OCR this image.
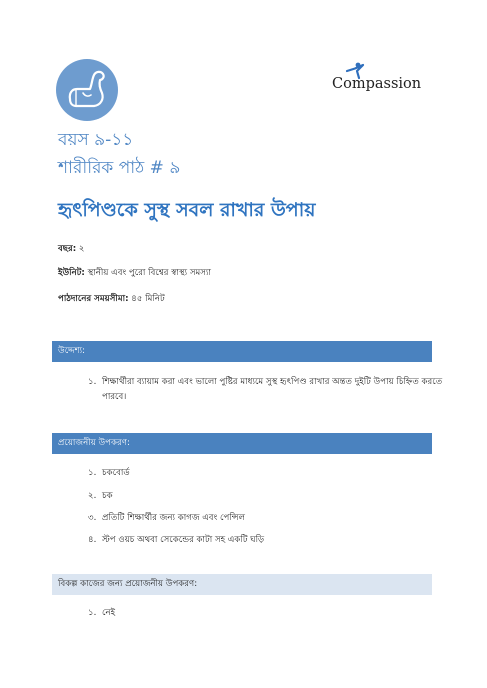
Compassion
বয়স ৯-১১
শারীরিক পাঠ # ৯
হৃৎপিণ্ডকে সুস্থ সবল রাখার উপায়
বছর: ২
ইউনিট: স্থানীয় এবং পুরো বিশ্বের স্বাস্থ্য সমস্যা
পাঠদানের সময়সীমা: ৪৫ মিনিট
উদ্দেশ্য:
১. শিক্ষার্থীরা ব্যায়াম করা এবং ভালো পুষ্টির মাধ্যমে সুস্থ হৃৎপিণ্ড রাখার অন্তত দুইটি উপায় চিহ্নিত করতে
পারবে।
প্রয়োজনীয় উপকরণ:
১. চকবোর্ড
২. চক
৩. প্রতিটি শিক্ষার্থীর জন্য কাগজ এবং পেন্সিল
৪. স্টপ ওয়চ অথবা সেকেন্ডের কাটা সহ একটি ঘড়ি
বিকল্প কাজের জন্য প্রয়োজনীয় উপকরণ:
১. নেই
